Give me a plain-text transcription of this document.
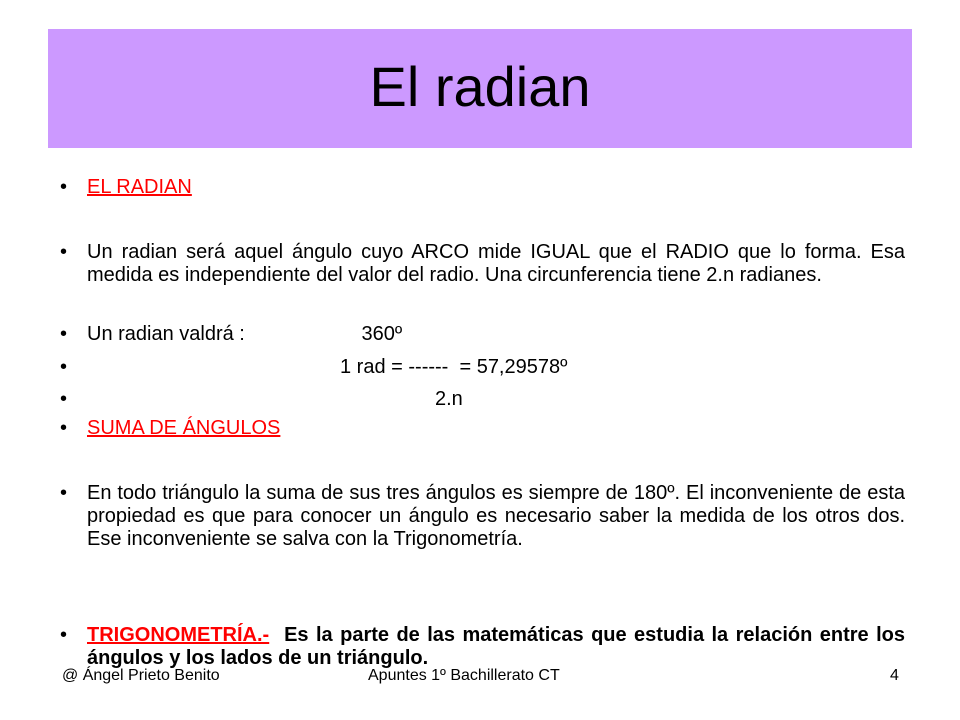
El radian
• EL RADIAN
• Un radian será aquel ángulo cuyo ARCO mide IGUAL que el RADIO que lo forma. Esa medida es independiente del valor del radio. Una circunferencia tiene 2.n radianes.
• Un radian valdrá :                     360º
•	1 rad = ------  = 57,29578º
•	2.n
• SUMA DE ÁNGULOS
• En todo triángulo la suma de sus tres ángulos es siempre de 180º. El inconveniente de esta propiedad es que para conocer un ángulo es necesario saber la medida de los otros dos. Ese inconveniente se salva con la Trigonometría.
• TRIGONOMETRÍA.- Es la parte de las matemáticas que estudia la relación entre los ángulos y los lados de un triángulo.
@ Ángel Prieto Benito	Apuntes 1º Bachillerato CT	4
